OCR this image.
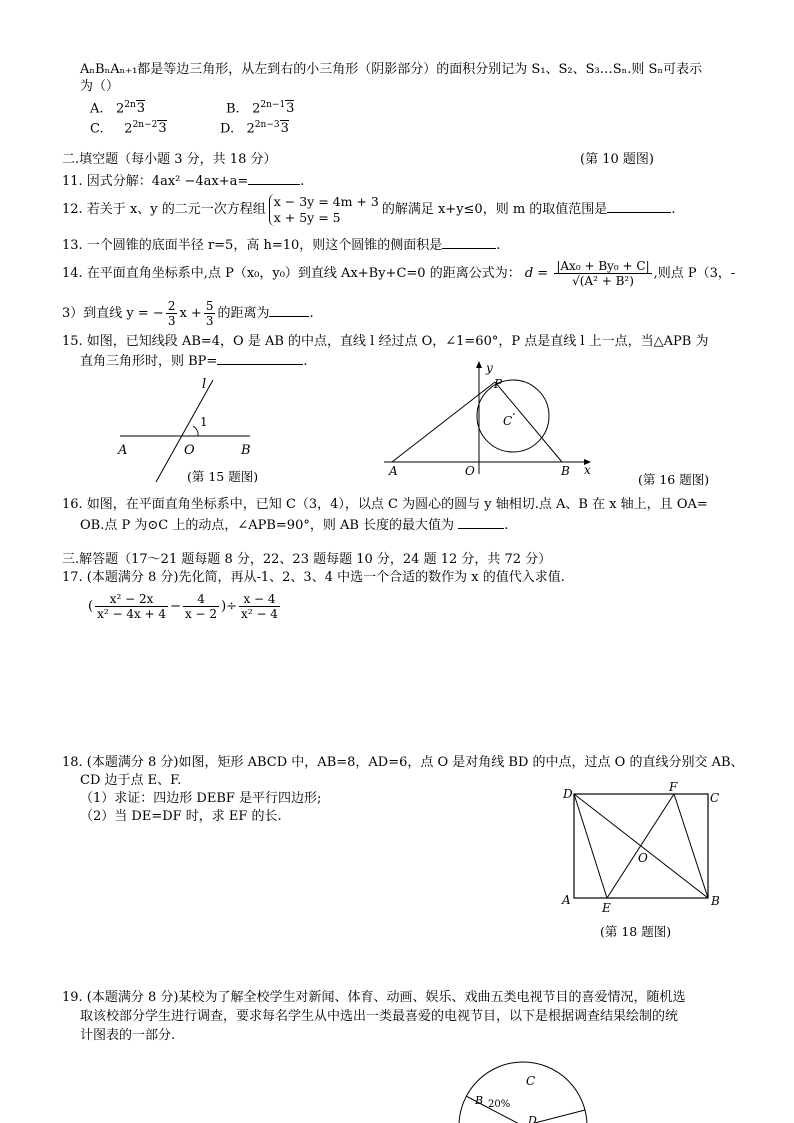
AₙBₙAₙ₊₁都是等边三角形，从左到右的小三角形（阴影部分）的面积分别记为 S₁、S₂、S₃…Sₙ.则 Sₙ可表示
为（）
A. $2^{2n}3$	B. $2^{2n-1}3$
C. $2^{2n-2}3$	D. $2^{2n-3}3$
二.填空题（每小题 3 分，共 18 分）	(第 10 题图)
11. 因式分解：4ax² −4ax+a=	.
12. 若关于 x、y 的二元一次方程组
x − 3y = 4m + 3
x + 5y = 5	的解满足 x+y≤0，则 m 的取值范围是	.
13. 一个圆锥的底面半径 r=5，高 h=10，则这个圆锥的侧面积是	.
14. 在平面直角坐标系中,点 P（x₀，y₀）到直线 Ax+By+C=0 的距离公式为： $d = \frac{\text{|Ax₀ + By₀ + C|}}{\text{√(A² + B²)}}$ ,则点 P（3，-
3）到直线 y = − $\frac{2}{3}$ $x + \frac{5}{3}$ 的距离为	.
15. 如图，已知线段 AB=4，O 是 AB 的中点，直线 l 经过点 O，∠1=60°，P 点是直线 l 上一点，当△APB 为
直角三角形时，则 BP=	.
l
1
A	O	B
(第 15 题图)
y
P
C
A	O	B x
(第 16 题图)
16. 如图，在平面直角坐标系中，已知 C（3，4），以点 C 为圆心的圆与 y 轴相切.点 A、B 在 x 轴上，且 OA=
OB.点 P 为⊙C 上的动点，∠APB=90°，则 AB 长度的最大值为	.
三.解答题（17～21 题每题 8 分，22、23 题每题 10 分，24 题 12 分，共 72 分）
17. (本题满分 8 分)先化简，再从-1、2、3、4 中选一个合适的数作为 x 的值代入求值.
( $\frac{\text{x² − 2x}}{\text{x² − 4x + 4}} - \frac{4}{x - 2}$ )÷ $\frac{x - 4}{\text{x² − 4}}$
18. (本题满分 8 分)如图，矩形 ABCD 中，AB=8，AD=6，点 O 是对角线 BD 的中点，过点 O 的直线分别交 AB、
CD 边于点 E、F.
（1）求证：四边形 DEBF 是平行四边形;
（2）当 DE=DF 时，求 EF 的长.
D	F
C
O
A
E	B
(第 18 题图)
19. (本题满分 8 分)某校为了解全校学生对新闻、体育、动画、娱乐、戏曲五类电视节目的喜爱情况，随机选
取该校部分学生进行调查，要求每名学生从中选出一类最喜爱的电视节目，以下是根据调查结果绘制的统
计图表的一部分.
C
B 20%
D
